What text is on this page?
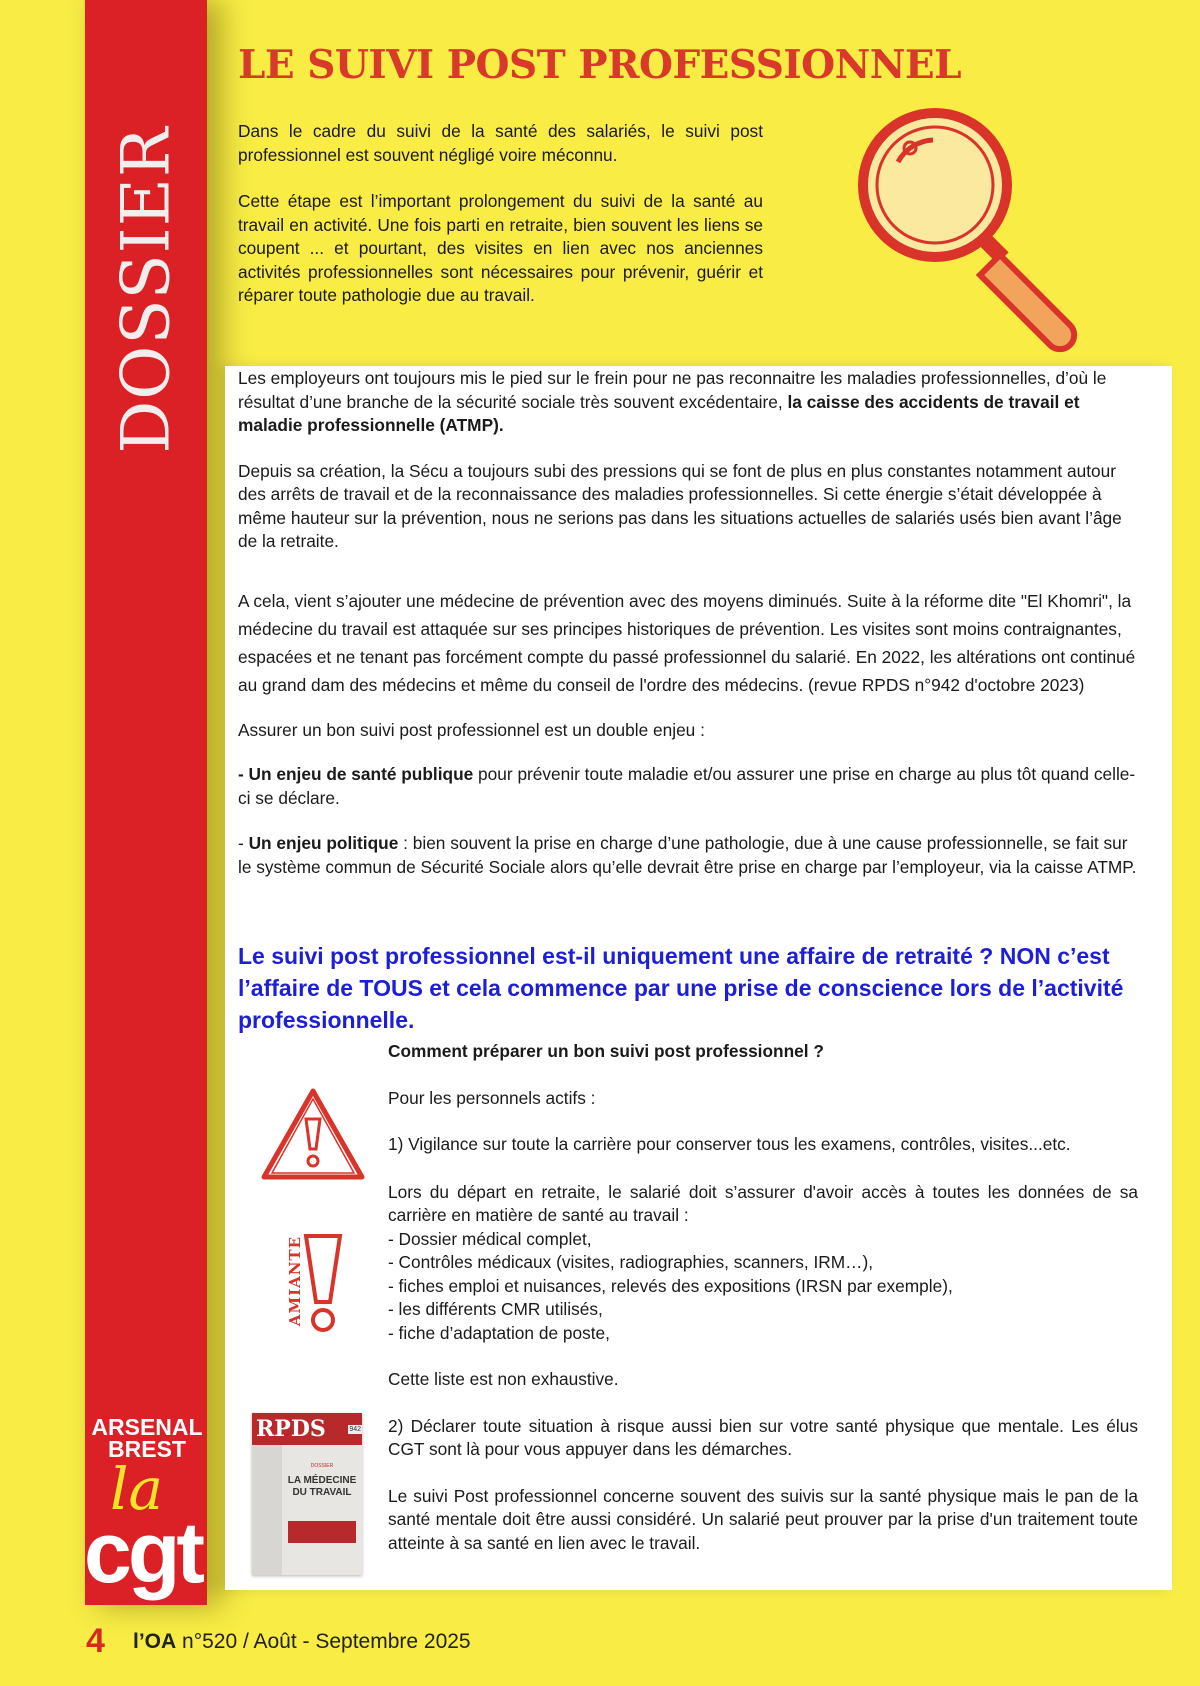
DOSSIER
ARSENAL
BREST
la
cgt
LE SUIVI POST PROFESSIONNEL

Dans le cadre du suivi de la santé des salariés, le suivi post professionnel est souvent négligé voire méconnu.

Cette étape est l’important prolongement du suivi de la santé au travail en activité. Une fois parti en retraite, bien souvent les liens se coupent ... et pourtant, des visites en lien avec nos anciennes activités professionnelles sont nécessaires pour prévenir, guérir et réparer toute pathologie due au travail.

Les employeurs ont toujours mis le pied sur le frein pour ne pas reconnaitre les maladies professionnelles, d’où le résultat d’une branche de la sécurité sociale très souvent excédentaire, la caisse des accidents de travail et maladie professionnelle (ATMP).

Depuis sa création, la Sécu a toujours subi des pressions qui se font de plus en plus constantes notamment autour des arrêts de travail et de la reconnaissance des maladies professionnelles. Si cette énergie s’était développée à même hauteur sur la prévention, nous ne serions pas dans les situations actuelles de salariés usés bien avant l’âge de la retraite.

A cela, vient s’ajouter une médecine de prévention avec des moyens diminués. Suite à la réforme dite "El Khomri", la médecine du travail est attaquée sur ses principes historiques de prévention. Les visites sont moins contraignantes, espacées et ne tenant pas forcément compte du passé professionnel du salarié. En 2022, les altérations ont continué au grand dam des médecins et même du conseil de l'ordre des médecins. (revue RPDS n°942 d'octobre 2023)

Assurer un bon suivi post professionnel est un double enjeu :

- Un enjeu de santé publique pour prévenir toute maladie et/ou assurer une prise en charge au plus tôt quand celle-ci se déclare.

- Un enjeu politique : bien souvent la prise en charge d’une pathologie, due à une cause professionnelle, se fait sur le système commun de Sécurité Sociale alors qu’elle devrait être prise en charge par l’employeur, via la caisse ATMP.

Le suivi post professionnel est-il uniquement une affaire de retraité ? NON c’est l’affaire de TOUS et cela commence par une prise de conscience lors de l’activité professionnelle.
AMIANTE
RPDS	942
DOSSIER
LA MÉDECINE DU TRAVAIL

Comment préparer un bon suivi post professionnel ?

Pour les personnels actifs :

1) Vigilance sur toute la carrière pour conserver tous les examens, contrôles, visites...etc.

Lors du départ en retraite, le salarié doit s’assurer d'avoir accès à toutes les données de sa carrière en matière de santé au travail :

- Dossier médical complet,
- Contrôles médicaux (visites, radiographies, scanners, IRM…),
- fiches emploi et nuisances, relevés des expositions (IRSN par exemple),
- les différents CMR utilisés,
- fiche d’adaptation de poste,

Cette liste est non exhaustive.

2) Déclarer toute situation à risque aussi bien sur votre santé physique que mentale. Les élus CGT sont là pour vous appuyer dans les démarches.

Le suivi Post professionnel concerne souvent des suivis sur la santé physique mais le pan de la santé mentale doit être aussi considéré. Un salarié peut prouver par la prise d'un traitement toute atteinte à sa santé en lien avec le travail.

4 l’OA n°520 / Août - Septembre 2025
